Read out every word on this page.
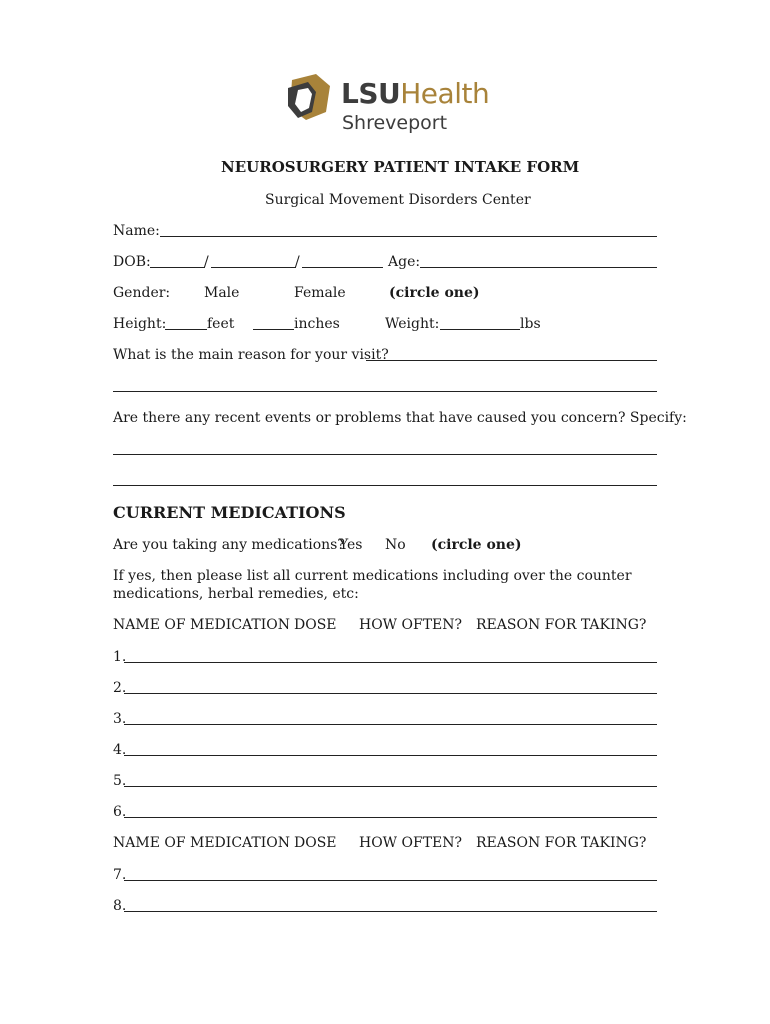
LSUHealth
Shreveport
NEUROSURGERY PATIENT INTAKE FORM
Surgical Movement Disorders Center
Name:
DOB:	/	/	Age:
Gender: Male	Female	(circle one)
Height:	feet	inches	Weight:	lbs
What is the main reason for your visit?
Are there any recent events or problems that have caused you concern? Specify:
CURRENT MEDICATIONS
Are you taking any medications?
Yes No (circle one)
If yes, then please list all current medications including over the counter
medications, herbal remedies, etc:
NAME OF MEDICATION DOSE HOW OFTEN? REASON FOR TAKING?
1.
2.
3.
4.
5.
6.
NAME OF MEDICATION DOSE HOW OFTEN? REASON FOR TAKING?
7.
8.
